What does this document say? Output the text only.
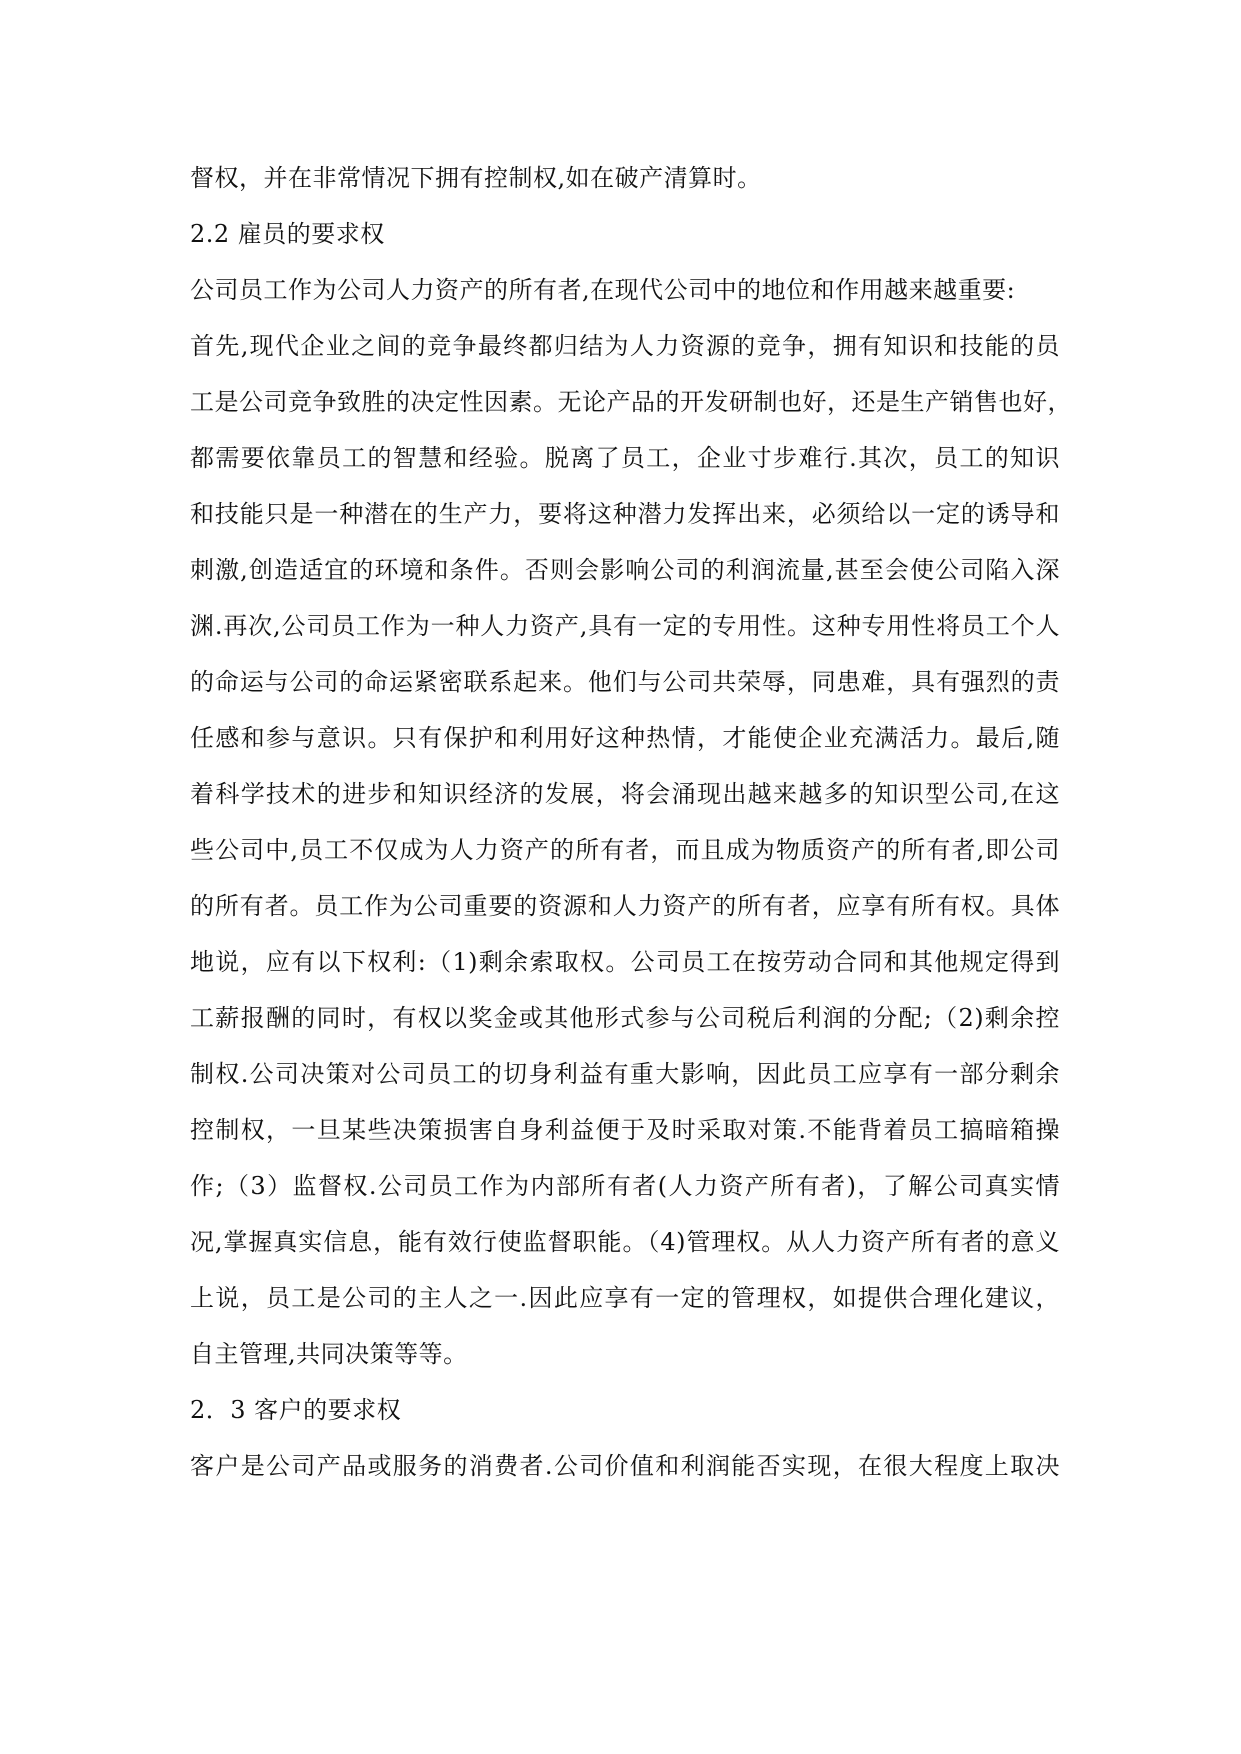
督权，并在非常情况下拥有控制权,如在破产清算时。

2.2 雇员的要求权

公司员工作为公司人力资产的所有者,在现代公司中的地位和作用越来越重要:

首先,现代企业之间的竞争最终都归结为人力资源的竞争，拥有知识和技能的员

工是公司竞争致胜的决定性因素。无论产品的开发研制也好，还是生产销售也好，

都需要依靠员工的智慧和经验。脱离了员工，企业寸步难行.其次，员工的知识

和技能只是一种潜在的生产力，要将这种潜力发挥出来，必须给以一定的诱导和

刺激,创造适宜的环境和条件。否则会影响公司的利润流量,甚至会使公司陷入深

渊.再次,公司员工作为一种人力资产,具有一定的专用性。这种专用性将员工个人

的命运与公司的命运紧密联系起来。他们与公司共荣辱，同患难，具有强烈的责

任感和参与意识。只有保护和利用好这种热情，才能使企业充满活力。最后,随

着科学技术的进步和知识经济的发展，将会涌现出越来越多的知识型公司,在这

些公司中,员工不仅成为人力资产的所有者，而且成为物质资产的所有者,即公司

的所有者。员工作为公司重要的资源和人力资产的所有者，应享有所有权。具体

地说，应有以下权利:（1)剩余索取权。公司员工在按劳动合同和其他规定得到

工薪报酬的同时，有权以奖金或其他形式参与公司税后利润的分配;（2)剩余控

制权.公司决策对公司员工的切身利益有重大影响，因此员工应享有一部分剩余

控制权，一旦某些决策损害自身利益便于及时采取对策.不能背着员工搞暗箱操

作;（3）监督权.公司员工作为内部所有者(人力资产所有者)，了解公司真实情

况,掌握真实信息，能有效行使监督职能。（4)管理权。从人力资产所有者的意义

上说，员工是公司的主人之一.因此应享有一定的管理权，如提供合理化建议，

自主管理,共同决策等等。

2．3 客户的要求权

客户是公司产品或服务的消费者.公司价值和利润能否实现，在很大程度上取决
